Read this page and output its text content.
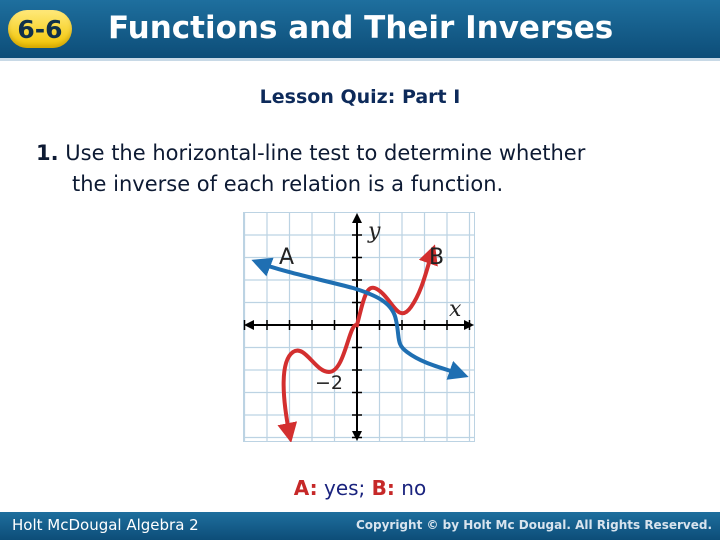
6-6	Functions and Their Inverses
Lesson Quiz: Part I
1. Use the horizontal-line test to determine whether
the inverse of each relation is a function.
A	B
y
x
−2
A: yes; B: no
Holt McDougal Algebra 2	Copyright © by Holt Mc Dougal. All Rights Reserved.
